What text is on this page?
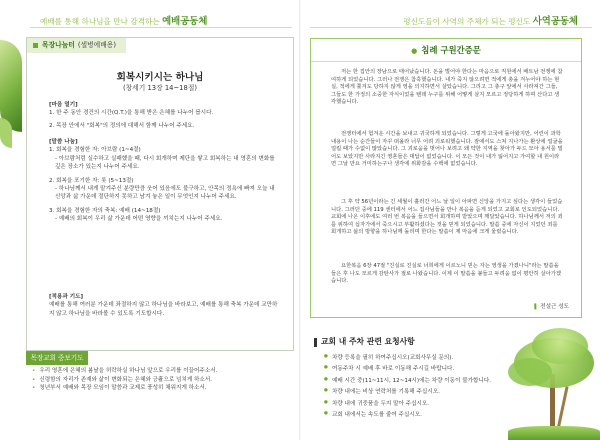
예배를 통해 하나님을 만나 감격하는 예배공동체
목장나눔터 (셀병에배용)
회복시키시는 하나님
(창세기 13장 14~18절)
[마음 열기]
1. 한 주 동안 경건의 시간(Q.T.)을 통해 받은 은혜를 나누어 봅시다.
2. 목장 안에서 "회복"의 정의에 대해서 함께 나누어 주세요.
[말씀 나눔]
1. 회복을 경험한 자: 아브람 (1~4절)
- 아브람처럼 실수하고 실패했을 때, 다시 회개하며 제단을 쌓고 회복하는 내 영혼의 변화를 깊은 장소가 있는지 나누어 주세요.
2. 회복을 포기한 자: 롯 (5~13절)
- 하나님께서 내게 맡겨주신 분량만큼 웃어 있음에도 불구하고, 안목의 정욕에 빠져 오늘 내 신앙과 삶 가운데 절단하지 못하고 남겨 놓은 일이 무엇인지 나누어 주세요.
3. 회복을 경험한 자의 축복: 예배 (14~18절)
- 예배의 회복이 우리 삶 가운데 어떤 영향을 끼치는지 나누어 주세요.
[적용과 기도]
예배를 통해 여러분 가운데 좌절하지 않고 하나님을 바라보고, 예배를 통해 축복 가운데 교만하지 않고 하나님을 바라볼 수 있도록 기도합시다.
목장교회 중보기도
• 우리 영혼에 은혜의 봄날을 허락하실 하나님 앞으로 우리를 이끌어주소서.
• 신령함의 자리가 존재와 삶이 변화되는 은혜와 긍휼으로 넘치게 하소서.
• 청년부서 예배와 목장 모임이 말씀과 교제로 풍성히 채워지게 하소서.
평신도들이 사역의 주체가 되는 평신도 사역공동체
● 침례 구원간증문
저는 한 집안의 장남으로 태어났습니다. 돈을 벌어야 한다는 마음으로 직원에서 배트남 전쟁에 참여하게 되었습니다. 그러나 전쟁은 참혹했습니다. 내가 죽지 않으려면 적에게 총을 겨누어야 하는 현실, 적에게 쫓겨도 당하지 않게 영을 의지하면서 살았습니다. 그리고 그 총구 앞에서 사라져간 그들, 그들도 한 가정의 소중한 자식이었을 텐데 누구를 위해 어떻게 살지 모르고 정당하게 하며 산다고 생각했습니다.
전쟁터에서 험겨운 시간을 보내고 귀국하게 되었습니다. 그렇게 고국에 돌아왔지만, 어린이 과학 내용이 나는 순간들이 자꾸 떠올라 너무 어려 괴로워했습니다. 잠에서도 스쳐 지나가는 환상에 얼굴을 얼킬 때가 수없이 많았습니다. 그 괴로움을 벗어나 보려고 왜 약한 지역을 찾아가 두드 모아 용서를 빌어도 보았지만 사라지긴 영혼들은 대답이 없었습니다. 이 모든 것이 내가 잃어지고 가여할 내 원이라면 그날 만요 거미하는구나 생각에 위화감을 수백에 없었습니다.
그 후 약 56년이라는 긴 세월이 흘러간 어느 날 일이 아파면 신앙을 가지고 싶다는 생각이 들었습니다. 그러던 중에 119 센터에서 어느 집사님들을 만나 복음을 듣게 되었고 교회로 인도되었습니다. 교회에 나온 이후에도 여러 번 복음을 들으면서 회개하며 받았으며 깨달았습니다. 하나님께서 저의 죄를 위하여 십자가에서 죽으시고 부활하셨다는 것을 믿게 되었습니다. 말씀 중에 자신이 지었던 죄를 회개하고 삶의 방향을 하나님께 돌리며 한다는 말씀이 제 마음에 크게 울렸습니다.
요한복음 6장 47절 "진실로 진실로 너희에게 이르노니 믿는 자는 영생을 가졌나니"라는 말씀을 들은 후 나도 모르게 감탄사가 절로 나왔습니다. 이제 이 말씀을 붙들고 두려움 없이 평안히 살아가겠습니다.
▌ 전설근 성도
교회 내 주차 관련 요청사항
● 차량 등록을 필히 하여주십시오(교회사무실 문의).
● 여동주차 시 예배 후 바로 이동해 주시길 바랍니다.
● 예배 시간 중(11~11시, 12~14시)에는 차량 이동이 불가합니다.
● 차량 내에는 비상 연락처를 기록해 주십시오.
● 차량 내에 귀중품을 두지 말아 주십시오.
● 교회 내에서는 속도를 줄여 주십시오.
